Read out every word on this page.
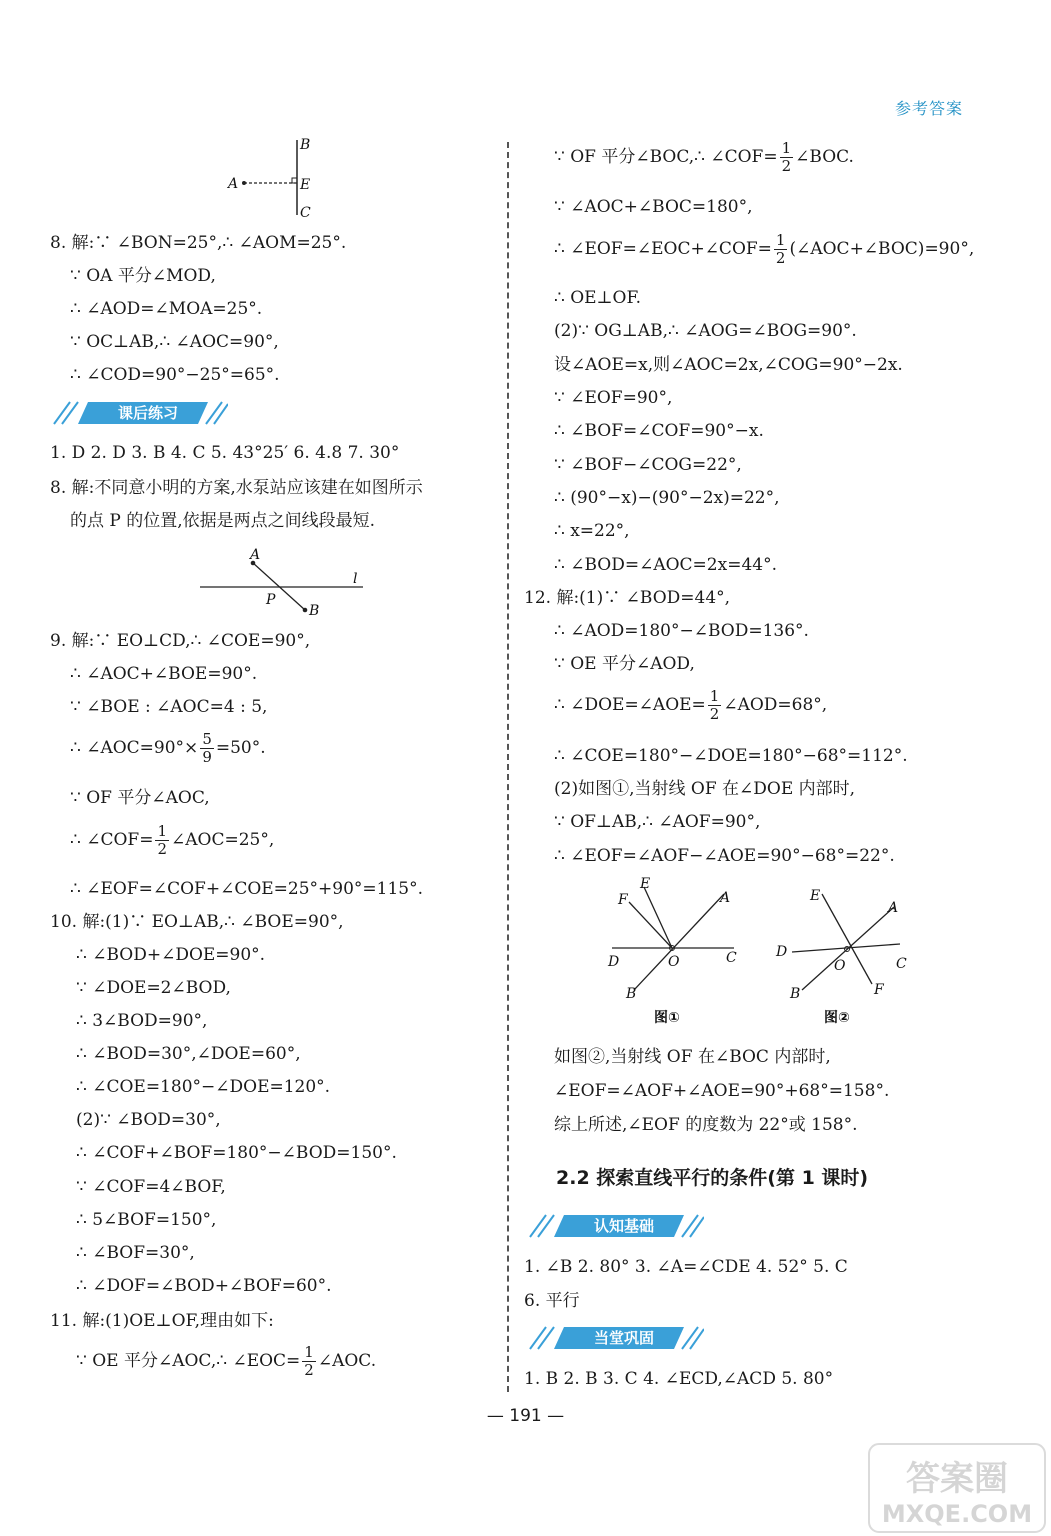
参考答案
A
B
E
C
8. 解:∵ ∠BON=25°,∴ ∠AOM=25°.
∵ OA 平分∠MOD,
∴ ∠AOD=∠MOA=25°.
∵ OC⊥AB,∴ ∠AOC=90°,
∴ ∠COD=90°−25°=65°.
课后练习
1. D 2. D 3. B 4. C 5. 43°25′ 6. 4.8 7. 30°
8. 解:不同意小明的方案,水泵站应该建在如图所示
的点 P 的位置,依据是两点之间线段最短.
A
P
B
l
9. 解:∵ EO⊥CD,∴ ∠COE=90°,
∴ ∠AOC+∠BOE=90°.
∵ ∠BOE : ∠AOC=4 : 5,
∴ ∠AOC=90°× $\frac{5}{9} =50^\circ$.
∵ OF 平分∠AOC,
∴ ∠COF= $\frac{1}{2}$ ∠AOC=25°,
∴ ∠EOF=∠COF+∠COE=25°+90°=115°.
10. 解:(1)∵ EO⊥AB,∴ ∠BOE=90°,
∴ ∠BOD+∠DOE=90°.
∵ ∠DOE=2∠BOD,
∴ 3∠BOD=90°,
∴ ∠BOD=30°,∠DOE=60°,
∴ ∠COE=180°−∠DOE=120°.
(2)∵ ∠BOD=30°,
∴ ∠COF+∠BOF=180°−∠BOD=150°.
∵ ∠COF=4∠BOF,
∴ 5∠BOF=150°,
∴ ∠BOF=30°,
∴ ∠DOF=∠BOD+∠BOF=60°.
11. 解:(1)OE⊥OF,理由如下:
∵ OE 平分∠AOC,∴ ∠EOC= $\frac{1}{2}$ ∠AOC.
∵ OF 平分∠BOC,∴ ∠COF= $\frac{1}{2}$ ∠BOC.
∵ ∠AOC+∠BOC=180°,
∴ ∠EOF=∠EOC+∠COF= $\frac{1}{2}$ (∠AOC+∠BOC)=90°,
∴ OE⊥OF.
(2)∵ OG⊥AB,∴ ∠AOG=∠BOG=90°.
设∠AOE=x,则∠AOC=2x,∠COG=90°−2x.
∵ ∠EOF=90°,
∴ ∠BOF=∠COF=90°−x.
∵ ∠BOF−∠COG=22°,
∴ (90°−x)−(90°−2x)=22°,
∴ x=22°,
∴ ∠BOD=∠AOC=2x=44°.
12. 解:(1)∵ ∠BOD=44°,
∴ ∠AOD=180°−∠BOD=136°.
∵ OE 平分∠AOD,
∴ ∠DOE=∠AOE= $\frac{1}{2}$ ∠AOD=68°,
∴ ∠COE=180°−∠DOE=180°−68°=112°.
(2)如图①,当射线 OF 在∠DOE 内部时,
∵ OF⊥AB,∴ ∠AOF=90°,
∴ ∠EOF=∠AOF−∠AOE=90°−68°=22°.
E
F	A
D	O	C
B
图①
E
A
D
O	C
B	F
图②
如图②,当射线 OF 在∠BOC 内部时,
∠EOF=∠AOF+∠AOE=90°+68°=158°.
综上所述,∠EOF 的度数为 22°或 158°.
2.2 探索直线平行的条件(第 1 课时)
认知基础
1. ∠B 2. 80° 3. ∠A=∠CDE 4. 52° 5. C
6. 平行
当堂巩固
1. B 2. B 3. C 4. ∠ECD,∠ACD 5. 80°
— 191 —
答案圈
MXQE.COM
